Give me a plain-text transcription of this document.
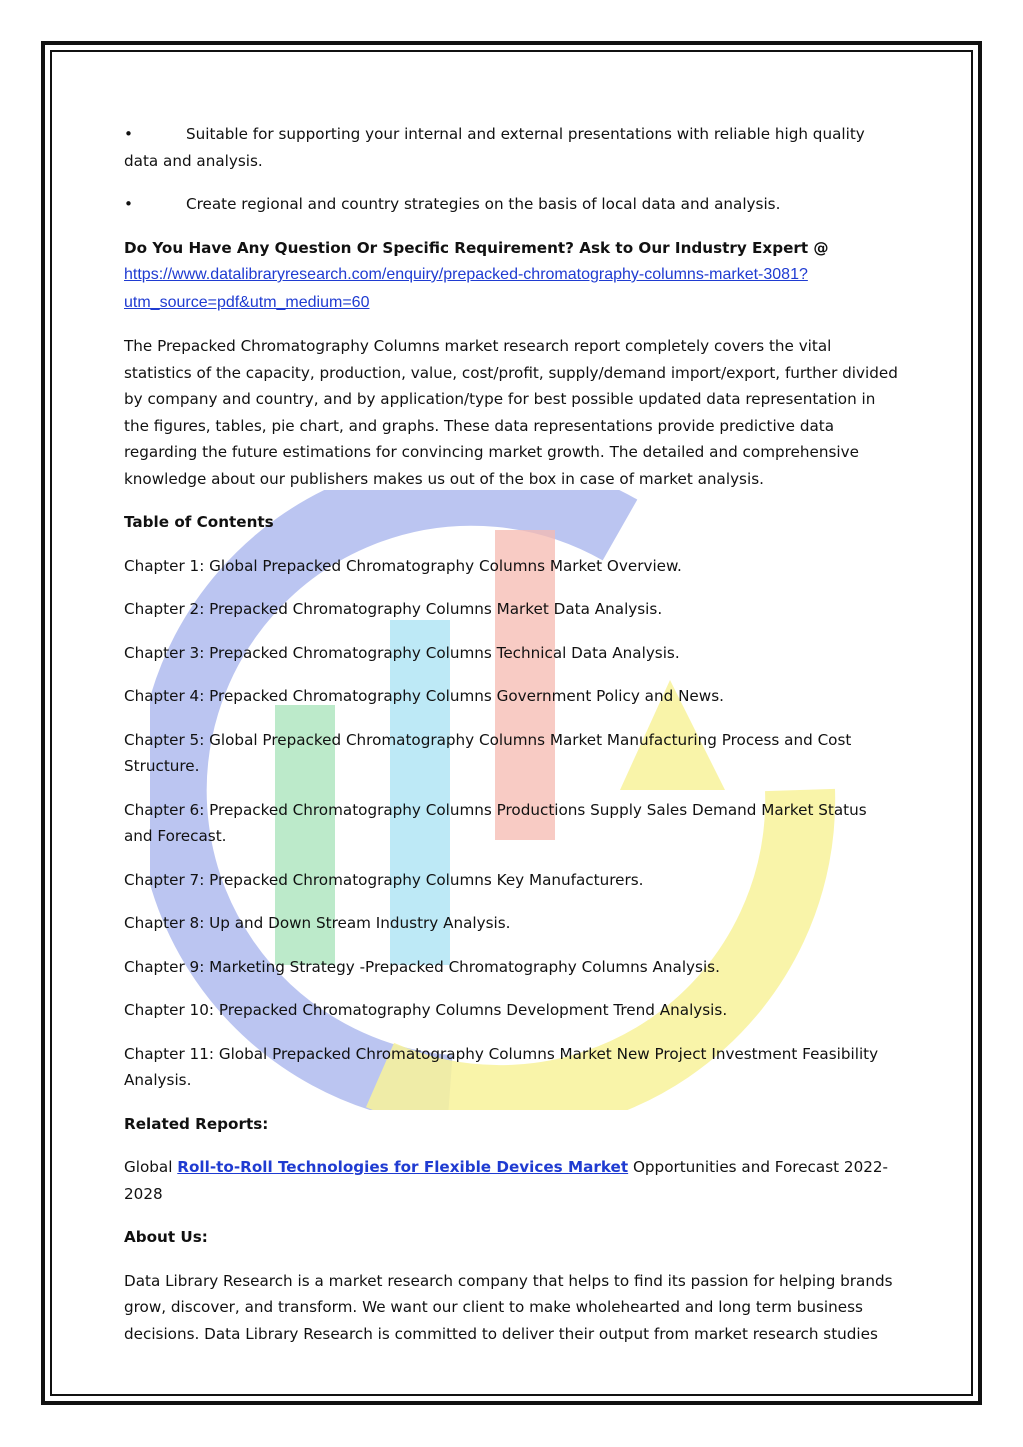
•	Suitable for supporting your internal and external presentations with reliable high quality

data and analysis.

•	Create regional and country strategies on the basis of local data and analysis.

Do You Have Any Question Or Specific Requirement? Ask to Our Industry Expert @
https://www.datalibraryresearch.com/enquiry/prepacked-chromatography-columns-market-3081?utm_source=pdf&utm_medium=60

The Prepacked Chromatography Columns market research report completely covers the vital statistics of the capacity, production, value, cost/profit, supply/demand import/export, further divided by company and country, and by application/type for best possible updated data representation in the figures, tables, pie chart, and graphs. These data representations provide predictive data regarding the future estimations for convincing market growth. The detailed and comprehensive knowledge about our publishers makes us out of the box in case of market analysis.

Table of Contents

Chapter 1: Global Prepacked Chromatography Columns Market Overview.

Chapter 2: Prepacked Chromatography Columns Market Data Analysis.

Chapter 3: Prepacked Chromatography Columns Technical Data Analysis.

Chapter 4: Prepacked Chromatography Columns Government Policy and News.

Chapter 5: Global Prepacked Chromatography Columns Market Manufacturing Process and Cost Structure.

Chapter 6: Prepacked Chromatography Columns Productions Supply Sales Demand Market Status and Forecast.

Chapter 7: Prepacked Chromatography Columns Key Manufacturers.

Chapter 8: Up and Down Stream Industry Analysis.

Chapter 9: Marketing Strategy -Prepacked Chromatography Columns Analysis.

Chapter 10: Prepacked Chromatography Columns Development Trend Analysis.

Chapter 11: Global Prepacked Chromatography Columns Market New Project Investment Feasibility Analysis.

Related Reports:

Global Roll-to-Roll Technologies for Flexible Devices Market Opportunities and Forecast 2022-2028

About Us:

Data Library Research is a market research company that helps to find its passion for helping brands grow, discover, and transform. We want our client to make wholehearted and long term business decisions. Data Library Research is committed to deliver their output from market research studies
